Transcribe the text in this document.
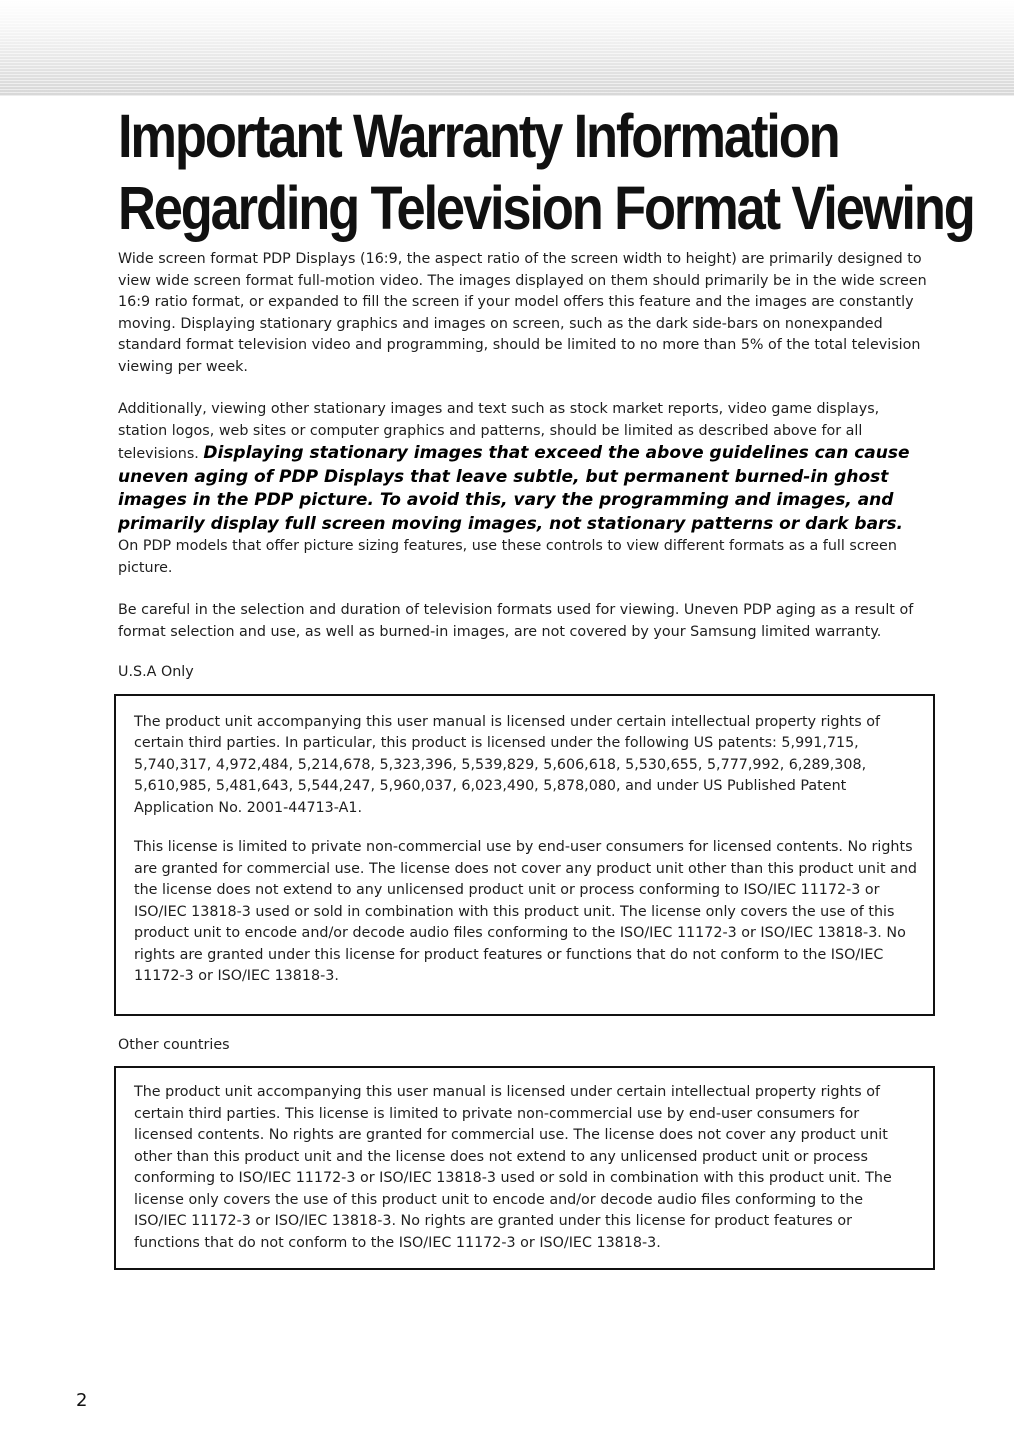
Important Warranty Information
Regarding Television Format Viewing

Wide screen format PDP Displays (16:9, the aspect ratio of the screen width to height) are primarily designed to view wide screen format full-motion video. The images displayed on them should primarily be in the wide screen 16:9 ratio format, or expanded to fill the screen if your model offers this feature and the images are constantly moving. Displaying stationary graphics and images on screen, such as the dark side-bars on nonexpanded standard format television video and programming, should be limited to no more than 5% of the total television viewing per week.

Additionally, viewing other stationary images and text such as stock market reports, video game displays, station logos, web sites or computer graphics and patterns, should be limited as described above for all televisions. Displaying stationary images that exceed the above guidelines can cause uneven aging of PDP Displays that leave subtle, but permanent burned-in ghost images in the PDP picture. To avoid this, vary the programming and images, and primarily display full screen moving images, not stationary patterns or dark bars.
On PDP models that offer picture sizing features, use these controls to view different formats as a full screen picture.

Be careful in the selection and duration of television formats used for viewing. Uneven PDP aging as a result of format selection and use, as well as burned-in images, are not covered by your Samsung limited warranty.

U.S.A Only

The product unit accompanying this user manual is licensed under certain intellectual property rights of certain third parties. In particular, this product is licensed under the following US patents: 5,991,715, 5,740,317, 4,972,484, 5,214,678, 5,323,396, 5,539,829, 5,606,618, 5,530,655, 5,777,992, 6,289,308, 5,610,985, 5,481,643, 5,544,247, 5,960,037, 6,023,490, 5,878,080, and under US Published Patent Application No. 2001-44713-A1.

This license is limited to private non-commercial use by end-user consumers for licensed contents. No rights are granted for commercial use. The license does not cover any product unit other than this product unit and the license does not extend to any unlicensed product unit or process conforming to ISO/IEC 11172-3 or ISO/IEC 13818-3 used or sold in combination with this product unit. The license only covers the use of this product unit to encode and/or decode audio files conforming to the ISO/IEC 11172-3 or ISO/IEC 13818-3. No rights are granted under this license for product features or functions that do not conform to the ISO/IEC 11172-3 or ISO/IEC 13818-3.

Other countries

The product unit accompanying this user manual is licensed under certain intellectual property rights of certain third parties. This license is limited to private non-commercial use by end-user consumers for licensed contents. No rights are granted for commercial use. The license does not cover any product unit other than this product unit and the license does not extend to any unlicensed product unit or process conforming to ISO/IEC 11172-3 or ISO/IEC 13818-3 used or sold in combination with this product unit. The license only covers the use of this product unit to encode and/or decode audio files conforming to the ISO/IEC 11172-3 or ISO/IEC 13818-3. No rights are granted under this license for product features or functions that do not conform to the ISO/IEC 11172-3 or ISO/IEC 13818-3.

2
